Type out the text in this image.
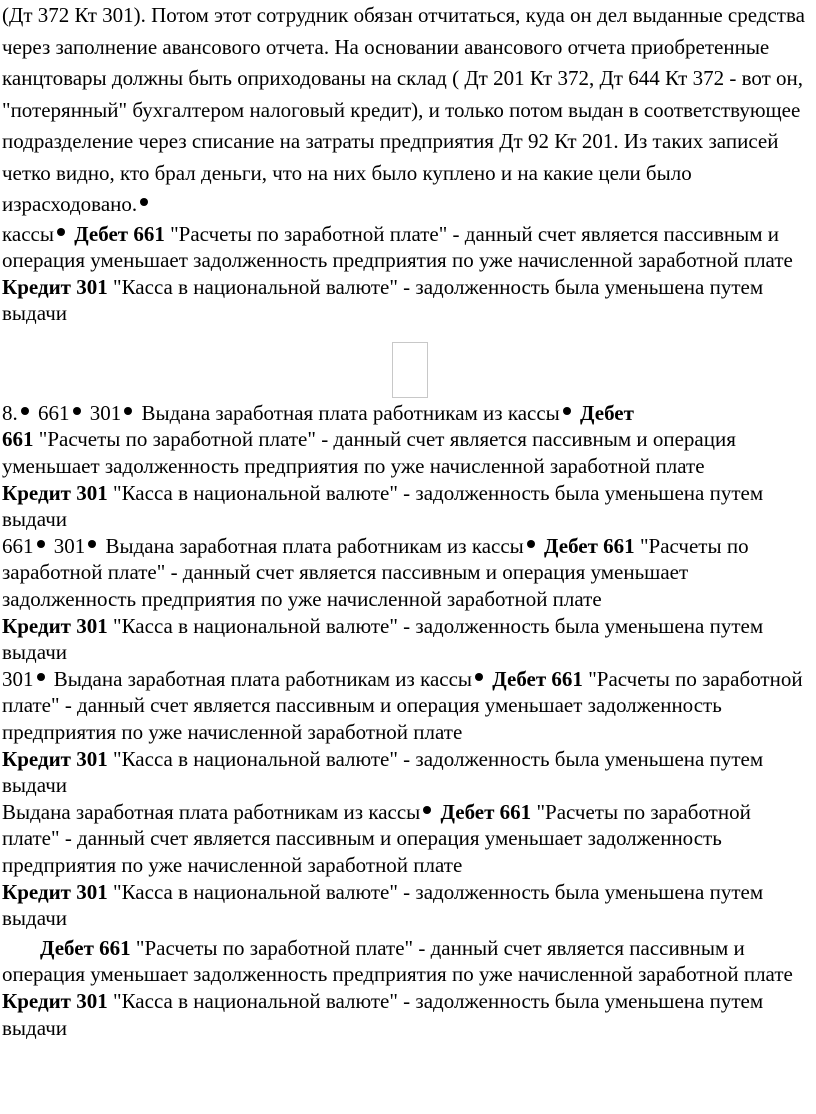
(Дт 372 Кт 301). Потом этот сотрудник обязан отчитаться, куда он дел выданные средства через заполнение авансового отчета. На основании авансового отчета приобретенные канцтовары должны быть оприходованы на склад ( Дт 201 Кт 372, Дт 644 Кт 372 - вот он, "потерянный" бухгалтером налоговый кредит), и только потом выдан в соответствующее подразделение через списание на затраты предприятия Дт 92 Кт 201. Из таких записей четко видно, кто брал деньги, что на них было куплено и на какие цели было израсходовано.

кассы Дебет 661 "Расчеты по заработной плате" - данный счет является пассивным и операция уменьшает задолженность предприятия по уже начисленной заработной плате
Кредит 301 "Касса в национальной валюте" - задолженность была уменьшена путем выдачи
8. 661 301 Выдана заработная плата работникам из кассы Дебет
661 "Расчеты по заработной плате" - данный счет является пассивным и операция уменьшает задолженность предприятия по уже начисленной заработной плате
Кредит 301 "Касса в национальной валюте" - задолженность была уменьшена путем выдачи
661 301 Выдана заработная плата работникам из кассы Дебет 661 "Расчеты по заработной плате" - данный счет является пассивным и операция уменьшает задолженность предприятия по уже начисленной заработной плате
Кредит 301 "Касса в национальной валюте" - задолженность была уменьшена путем выдачи
301 Выдана заработная плата работникам из кассы Дебет 661 "Расчеты по заработной плате" - данный счет является пассивным и операция уменьшает задолженность предприятия по уже начисленной заработной плате
Кредит 301 "Касса в национальной валюте" - задолженность была уменьшена путем выдачи
Выдана заработная плата работникам из кассы Дебет 661 "Расчеты по заработной плате" - данный счет является пассивным и операция уменьшает задолженность предприятия по уже начисленной заработной плате
Кредит 301 "Касса в национальной валюте" - задолженность была уменьшена путем выдачи
Дебет 661 "Расчеты по заработной плате" - данный счет является пассивным и операция уменьшает задолженность предприятия по уже начисленной заработной плате
Кредит 301 "Касса в национальной валюте" - задолженность была уменьшена путем выдачи
